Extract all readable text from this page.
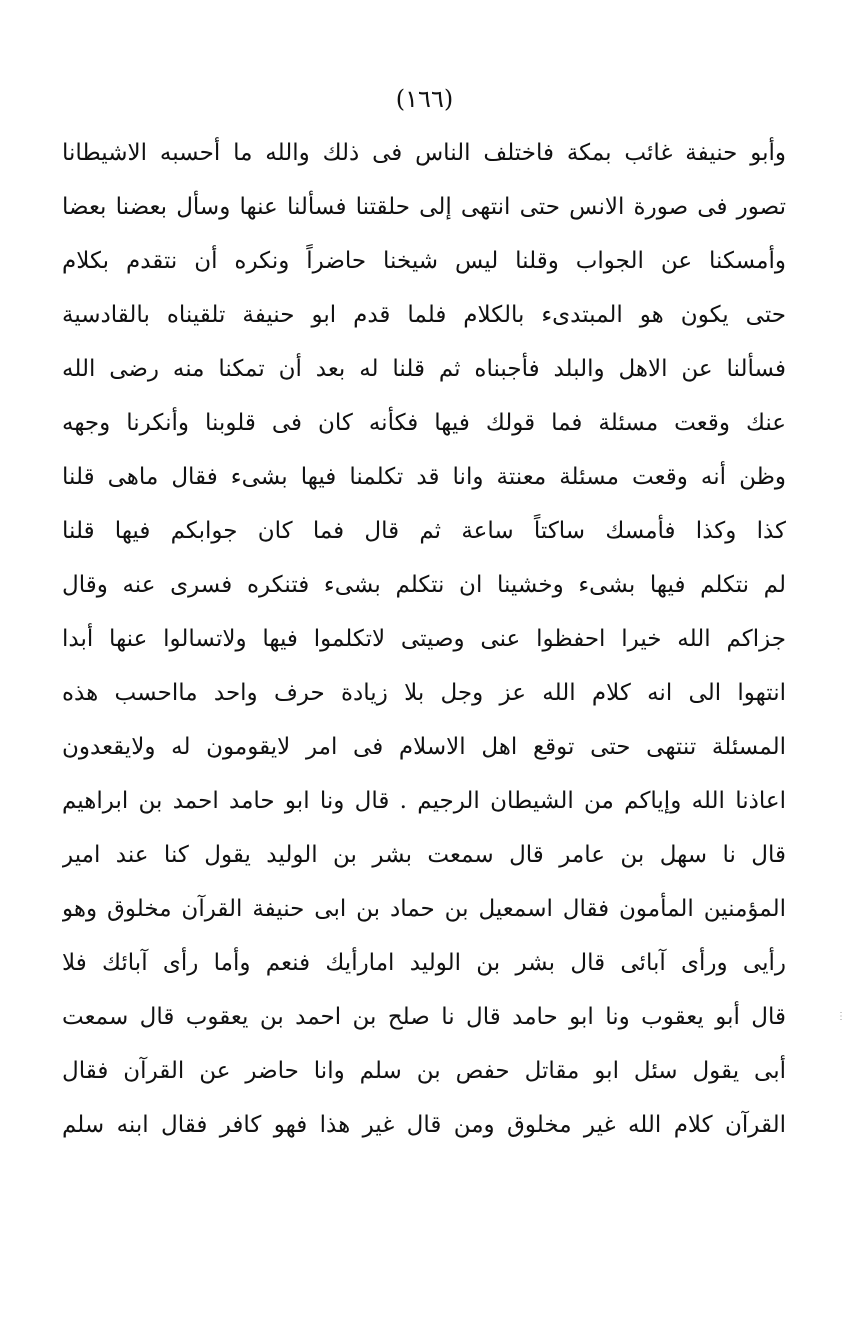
(١٦٦)
وأبو حنيفة غائب بمكة فاختلف الناس فى ذلك والله ما أحسبه الاشيطانا
تصور فى صورة الانس حتى انتهى إلى حلقتنا فسألنا عنها وسأل بعضنا بعضا
وأمسكنا عن الجواب وقلنا ليس شيخنا حاضراً ونكره أن نتقدم بكلام
حتى يكون هو المبتدىء بالكلام فلما قدم ابو حنيفة تلقيناه بالقادسية
فسألنا عن الاهل والبلد فأجبناه ثم قلنا له بعد أن تمكنا منه رضى الله
عنك وقعت مسئلة فما قولك فيها فكأنه كان فى قلوبنا وأنكرنا وجهه
وظن أنه وقعت مسئلة معنتة وانا قد تكلمنا فيها بشىء فقال ماهى قلنا
كذا وكذا فأمسك ساكتاً ساعة ثم قال فما كان جوابكم فيها قلنا
لم نتكلم فيها بشىء وخشينا ان نتكلم بشىء فتنكره فسرى عنه وقال
جزاكم الله خيرا احفظوا عنى وصيتى لاتكلموا فيها ولاتسالوا عنها أبدا
انتهوا الى انه كلام الله عز وجل بلا زيادة حرف واحد مااحسب هذه
المسئلة تنتهى حتى توقع اهل الاسلام فى امر لايقومون له ولايقعدون
اعاذنا الله وإياكم من الشيطان الرجيم . قال ونا ابو حامد احمد بن ابراهيم
قال نا سهل بن عامر قال سمعت بشر بن الوليد يقول كنا عند امير
المؤمنين المأمون فقال اسمعيل بن حماد بن ابى حنيفة القرآن مخلوق وهو
رأيى ورأى آبائى قال بشر بن الوليد امارأيك فنعم وأما رأى آبائك فلا
قال أبو يعقوب ونا ابو حامد قال نا صلح بن احمد بن يعقوب قال سمعت
أبى يقول سئل ابو مقاتل حفص بن سلم وانا حاضر عن القرآن فقال
القرآن كلام الله غير مخلوق ومن قال غير هذا فهو كافر فقال ابنه سلم
⋮
